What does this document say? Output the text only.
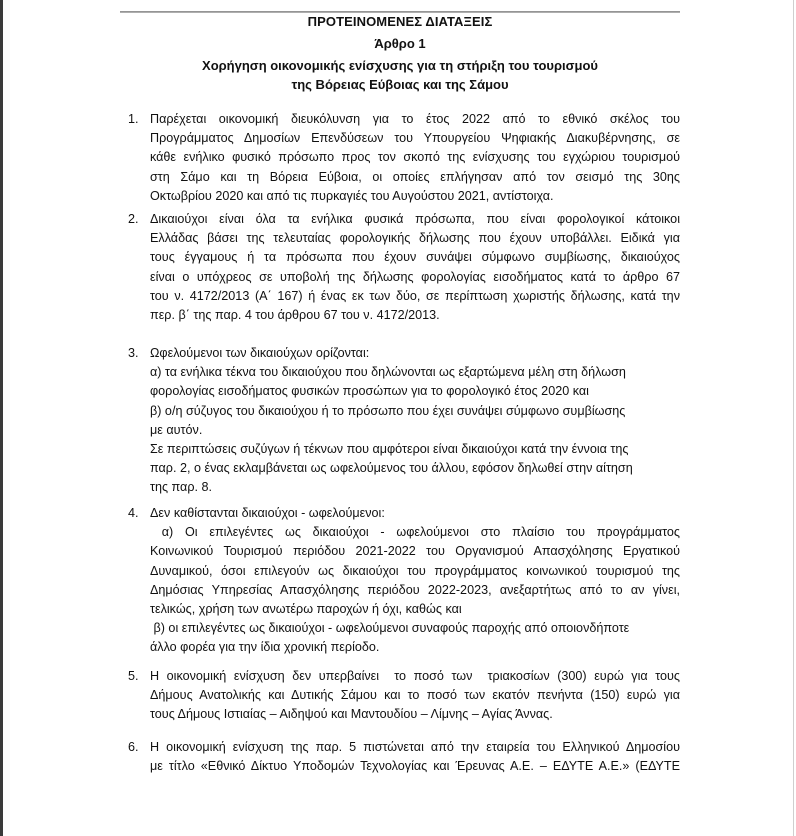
ΠΡΟΤΕΙΝΟΜΕΝΕΣ ΔΙΑΤΑΞΕΙΣ
Άρθρο 1
Χορήγηση οικονομικής ενίσχυσης για τη στήριξη του τουρισμού
της Βόρειας Εύβοιας και της Σάμου
1. Παρέχεται οικονομική διευκόλυνση για το έτος 2022 από το εθνικό σκέλος του
Προγράμματος Δημοσίων Επενδύσεων του Υπουργείου Ψηφιακής Διακυβέρνησης, σε
κάθε ενήλικο φυσικό πρόσωπο προς τον σκοπό της ενίσχυσης του εγχώριου τουρισμού
στη Σάμο και τη Βόρεια Εύβοια, οι οποίες επλήγησαν από τον σεισμό της 30ης
Οκτωβρίου 2020 και από τις πυρκαγιές του Αυγούστου 2021, αντίστοιχα.
2. Δικαιούχοι είναι όλα τα ενήλικα φυσικά πρόσωπα, που είναι φορολογικοί κάτοικοι
Ελλάδας βάσει της τελευταίας φορολογικής δήλωσης που έχουν υποβάλλει. Ειδικά για
τους έγγαμους ή τα πρόσωπα που έχουν συνάψει σύμφωνο συμβίωσης, δικαιούχος
είναι ο υπόχρεος σε υποβολή της δήλωσης φορολογίας εισοδήματος κατά το άρθρο 67
του ν. 4172/2013 (Α΄ 167) ή ένας εκ των δύο, σε περίπτωση χωριστής δήλωσης, κατά την
περ. β΄ της παρ. 4 του άρθρου 67 του ν. 4172/2013.
3. Ωφελούμενοι των δικαιούχων ορίζονται:
α) τα ενήλικα τέκνα του δικαιούχου που δηλώνονται ως εξαρτώμενα μέλη στη δήλωση
φορολογίας εισοδήματος φυσικών προσώπων για το φορολογικό έτος 2020 και
β) ο/η σύζυγος του δικαιούχου ή το πρόσωπο που έχει συνάψει σύμφωνο συμβίωσης
με αυτόν.
Σε περιπτώσεις συζύγων ή τέκνων που αμφότεροι είναι δικαιούχοι κατά την έννοια της
παρ. 2, ο ένας εκλαμβάνεται ως ωφελούμενος του άλλου, εφόσον δηλωθεί στην αίτηση
της παρ. 8.
4. Δεν καθίστανται δικαιούχοι - ωφελούμενοι:
α) Οι επιλεγέντες ως δικαιούχοι - ωφελούμενοι στο πλαίσιο του προγράμματος
Κοινωνικού Τουρισμού περιόδου 2021-2022 του Οργανισμού Απασχόλησης Εργατικού
Δυναμικού, όσοι επιλεγούν ως δικαιούχοι του προγράμματος κοινωνικού τουρισμού της
Δημόσιας Υπηρεσίας Απασχόλησης περιόδου 2022-2023, ανεξαρτήτως από το αν γίνει,
τελικώς, χρήση των ανωτέρω παροχών ή όχι, καθώς και
β) οι επιλεγέντες ως δικαιούχοι - ωφελούμενοι συναφούς παροχής από οποιονδήποτε
άλλο φορέα για την ίδια χρονική περίοδο.
5. Η οικονομική ενίσχυση δεν υπερβαίνει  το ποσό των  τριακοσίων (300) ευρώ για τους
Δήμους Ανατολικής και Δυτικής Σάμου και το ποσό των εκατόν πενήντα (150) ευρώ για
τους Δήμους Ιστιαίας – Αιδηψού και Μαντουδίου – Λίμνης – Αγίας Άννας.
6. Η οικονομική ενίσχυση της παρ. 5 πιστώνεται από την εταιρεία του Ελληνικού Δημοσίου
με τίτλο «Εθνικό Δίκτυο Υποδομών Τεχνολογίας και Έρευνας Α.Ε. – ΕΔΥΤΕ Α.Ε.» (ΕΔΥΤΕ
